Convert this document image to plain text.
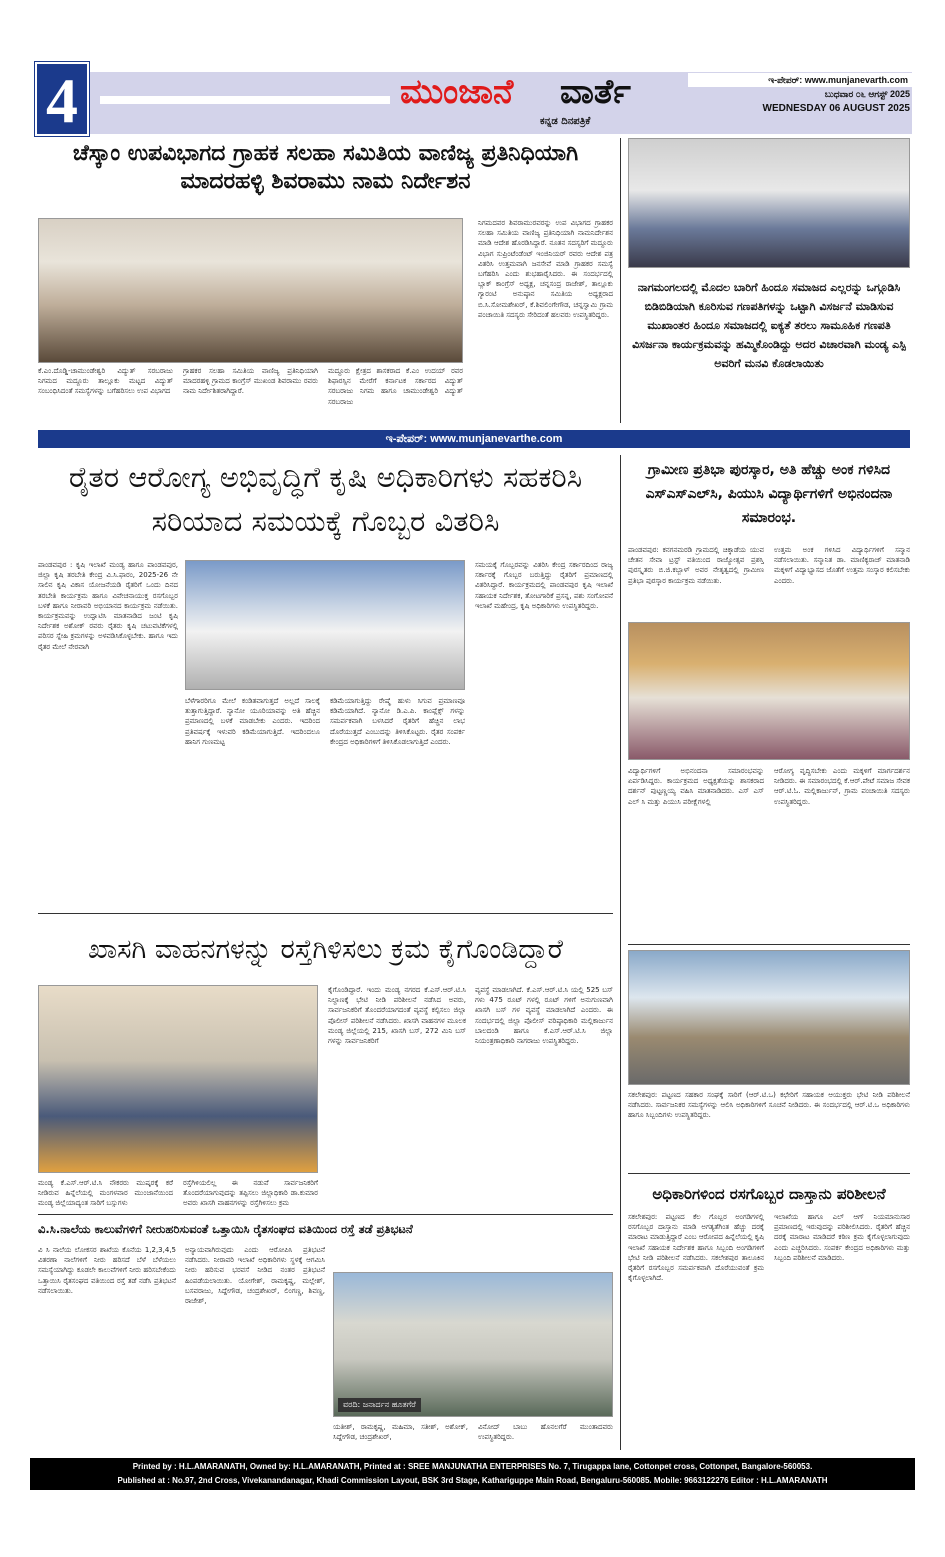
4	ಮುಂಜಾನೆ ವಾರ್ತೆ
ಕನ್ನಡ ದಿನಪತ್ರಿಕೆ
ಇ-ಪೇಪರ್: www.munjanevarth.com
ಬುಧವಾರ ೦೬ ಆಗಸ್ಟ್ 2025
WEDNESDAY 06 AUGUST 2025
ಚೆಸ್ಕಾಂ ಉಪವಿಭಾಗದ ಗ್ರಾಹಕ ಸಲಹಾ ಸಮಿತಿಯ ವಾಣಿಜ್ಯ ಪ್ರತಿನಿಧಿಯಾಗಿ ಮಾದರಹಳ್ಳಿ ಶಿವರಾಮು ನಾಮ ನಿರ್ದೇಶನ
ಕೆ.ಎಂ.ದೊಡ್ಡಿ-ಚಾಮುಂಡೇಶ್ವರಿ ವಿದ್ಯುತ್ ಸರಬರಾಜು ನಿಗಮದ ಮದ್ದೂರು ತಾಲ್ಲೂಕು ಮಟ್ಟದ ವಿದ್ಯುತ್ ಸಂಬಂಧಿಸಿದಂತೆ ಸಮಸ್ಯೆಗಳನ್ನು ಬಗೆಹರಿಸಲು ಉಪ ವಿಭಾಗದ
ಗ್ರಾಹಕರ ಸಲಹಾ ಸಮಿತಿಯ ವಾಣಿಜ್ಯ ಪ್ರತಿನಿಧಿಯಾಗಿ ಮಾದರಹಳ್ಳಿ ಗ್ರಾಮದ ಕಾಂಗ್ರೆಸ್ ಮುಖಂಡ ಶಿವರಾಮು ರವರು ನಾಮ ನಿರ್ದೇಶಿತರಾಗಿದ್ದಾರೆ.
ಮದ್ದೂರು ಕ್ಷೇತ್ರದ ಶಾಸಕರಾದ ಕೆ.ಎಂ ಉದಯ್ ರವರ ಶಿಫಾರಸ್ಸಿನ ಮೇರೆಗೆ ಕರ್ನಾಟಕ ಸರ್ಕಾರದ ವಿದ್ಯುತ್ ಸರಬರಾಜು ನಿಗಮ ಹಾಗೂ ಚಾಮುಂಡೇಶ್ವರಿ ವಿದ್ಯುತ್ ಸರಬರಾಜು
ನಿಗಮದವರ ಶಿವರಾಮುರವರನ್ನು ಉಪ ವಿಭಾಗದ ಗ್ರಾಹಕರ ಸಲಹಾ ಸಮಿತಿಯ ವಾಣಿಜ್ಯ ಪ್ರತಿನಿಧಿಯಾಗಿ ನಾಮನಿರ್ದೇಶನ ಮಾಡಿ ಆದೇಶ ಹೊರಡಿಸಿದ್ದಾರೆ. ನೂತನ ಸದಸ್ಯರಿಗೆ ಮದ್ದೂರು ವಿಭಾಗ ಸುಪ್ರಿಂಟೆಂಡೆಂಟ್ ಇಂಜಿನಿಯರ್ ರವರು ಆದೇಶ ಪತ್ರ ವಿತರಿಸಿ ಉತ್ತಮವಾಗಿ ಜನಸೇವೆ ಮಾಡಿ ಗ್ರಾಹಕರ ಸಮಸ್ಯೆ ಬಗೆಹರಿಸಿ ಎಂದು ಶುಭಹಾರೈಸಿದರು. ಈ ಸಂದರ್ಭದಲ್ಲಿ ಬ್ಲಾಕ್ ಕಾಂಗ್ರೆಸ್ ಅಧ್ಯಕ್ಷ, ಚನ್ನಸಂದ್ರ ರಾಜೇಶ್, ತಾಲ್ಲೂಕು ಗ್ಯಾರಂಟಿ ಅನುಷ್ಠಾನ ಸಮಿತಿಯ ಅಧ್ಯಕ್ಷರಾದ ಬಿ.ಸಿ.ಸೋಮಶೇಖರ್, ಕೆ.ಶಿವಲಿಂಗೇಗೌಡ, ಚನ್ನಸ್ವಾಮಿ ಗ್ರಾಮ ಪಂಚಾಯಿತಿ ಸದಸ್ಯರು ಸೇರಿದಂತೆ ಹಲವರು ಉಪಸ್ಥಿತರಿದ್ದರು.
ನಾಗಮಂಗಲದಲ್ಲಿ ಮೊದಲ ಬಾರಿಗೆ ಹಿಂದೂ ಸಮಾಜದ ಎಲ್ಲರನ್ನು ಒಗ್ಗೂಡಿಸಿ ಬಿಡಿಬಿಡಿಯಾಗಿ ಕೂರಿಸುವ ಗಣಪತಿಗಳನ್ನು ಒಟ್ಟಾಗಿ ವಿಸರ್ಜನೆ ಮಾಡಿಸುವ ಮುಖಾಂತರ ಹಿಂದೂ ಸಮಾಜದಲ್ಲಿ ಐಕ್ಯತೆ ತರಲು ಸಾಮೂಹಿಕ ಗಣಪತಿ ವಿಸರ್ಜನಾ ಕಾರ್ಯಕ್ರಮವನ್ನು ಹಮ್ಮಿಕೊಂಡಿದ್ದು ಅದರ ವಿಚಾರವಾಗಿ ಮಂಡ್ಯ ಎಸ್ಪಿ ಅವರಿಗೆ ಮನವಿ ಕೊಡಲಾಯಿತು
ಇ-ಪೇಪರ್: www.munjanevarthe.com
ರೈತರ ಆರೋಗ್ಯ ಅಭಿವೃದ್ಧಿಗೆ ಕೃಷಿ ಅಧಿಕಾರಿಗಳು ಸಹಕರಿಸಿ ಸರಿಯಾದ ಸಮಯಕ್ಕೆ ಗೊಬ್ಬರ ವಿತರಿಸಿ
ಪಾಂಡವಪುರ : ಕೃಷಿ ಇಲಾಖೆ ಮಂಡ್ಯ ಹಾಗೂ ಪಾಂಡವಪುರ, ಜಿಲ್ಲಾ ಕೃಷಿ ತರಬೇತಿ ಕೇಂದ್ರ ವಿ.ಸಿ.ಫಾರಂ, 2025-26 ನೇ ಸಾಲಿನ ಕೃಷಿ ವಿಕಾಸ ಯೋಜನೆಯಡಿ ರೈತರಿಗೆ ಒಂದು ದಿನದ ತರಬೇತಿ ಕಾರ್ಯಕ್ರಮ ಹಾಗೂ ವಿವೇಚನಾಯುಕ್ತ ರಸಗೊಬ್ಬರ ಬಳಕೆ ಹಾಗೂ ನೀರಾವರಿ ಅಭಿಯಾನದ ಕಾರ್ಯಕ್ರಮ ನಡೆಯಿತು. ಕಾರ್ಯಕ್ರಮವನ್ನು ಉದ್ಘಾಟಿಸಿ ಮಾತನಾಡಿದ ಜಂಟಿ ಕೃಷಿ ನಿರ್ದೇಶಕ ಅಶೋಕ್ ರವರು ರೈತರು ಕೃಷಿ ಚಟುವಟಿಕೆಗಳಲ್ಲಿ ಪರಿಸರ ಸ್ನೇಹಿ ಕ್ರಮಗಳನ್ನು ಅಳವಡಿಸಿಕೊಳ್ಳಬೇಕು. ಹಾಗೂ ಇದು ರೈತರ ಮೇಲೆ ನೇರವಾಗಿ
ಬೆಳೆಗಾರರಿಗೂ ಮೇಲೆ ಕಂಡಿತವಾಗುತ್ತದೆ ಅಲ್ಲದೆ ಸಾಲಕ್ಕೆ ತುತ್ತಾಗುತ್ತಿದ್ದಾರೆ. ನ್ಯಾನೋ ಯೂರಿಯಾವನ್ನು ಅತಿ ಹೆಚ್ಚಿನ ಪ್ರಮಾಣದಲ್ಲಿ ಬಳಕೆ ಮಾಡಬೇಕು ಎಂದರು. ಇದರಿಂದ ಪ್ರತಿವರ್ಷಕ್ಕೆ ಇಳುವರಿ ಕಡಿಮೆಯಾಗುತ್ತಿದೆ. ಇದರಿಂದಲೂ ಹಾನಿಗ ಗುಣಮಟ್ಟ
ಕಡಿಮೆಯಾಗುತ್ತಿದ್ದು ರೇಷ್ಮೆ ಹುಳು ಸಿಗುವ ಪ್ರಮಾಣವೂ ಕಡಿಮೆಯಾಗಿದೆ. ನ್ಯಾನೋ ಡಿ.ಎ.ಪಿ. ಕಾಂಪ್ಲೆಕ್ಸ್ ಗಳನ್ನು ಸಮರ್ಪಕವಾಗಿ ಬಳಸಿದರೆ ರೈತರಿಗೆ ಹೆಚ್ಚಿನ ಲಾಭ ದೊರೆಯುತ್ತದೆ ಎಂಬುದನ್ನು ತಿಳಿಸಿಕೊಟ್ಟರು. ರೈತರ ಸಂಪರ್ಕ ಕೇಂದ್ರದ ಅಧಿಕಾರಿಗಳಿಗೆ ತಿಳಿಸಿಕೊಡಲಾಗುತ್ತಿದೆ ಎಂದರು.
ಸಮಯಕ್ಕೆ ಗೊಬ್ಬರವನ್ನು ವಿತರಿಸಿ ಕೇಂದ್ರ ಸರ್ಕಾರದಿಂದ ರಾಜ್ಯ ಸರ್ಕಾರಕ್ಕೆ ಗೊಬ್ಬರ ಬರುತ್ತಿದ್ದು ರೈತರಿಗೆ ಪ್ರಮಾಣದಲ್ಲಿ ವಿತರಿಸಿದ್ದಾರೆ. ಕಾರ್ಯಕ್ರಮದಲ್ಲಿ ಪಾಂಡವಪುರ ಕೃಷಿ ಇಲಾಖೆ ಸಹಾಯಕ ನಿರ್ದೇಶಕ, ತೋಟಗಾರಿಕೆ ಪ್ರಸನ್ನ, ಪಶು ಸಂಗೋಪನೆ ಇಲಾಖೆ ಮಹೇಂದ್ರ, ಕೃಷಿ ಅಧಿಕಾರಿಗಳು ಉಪಸ್ಥಿತರಿದ್ದರು.
ಗ್ರಾಮೀಣ ಪ್ರತಿಭಾ ಪುರಸ್ಕಾರ, ಅತಿ ಹೆಚ್ಚು ಅಂಕ ಗಳಿಸಿದ ಎಸ್‌ಎಸ್‌ಎಲ್‌ಸಿ, ಪಿಯುಸಿ ವಿದ್ಯಾರ್ಥಿಗಳಿಗೆ ಅಭಿನಂದನಾ ಸಮಾರಂಭ.
ಪಾಂಡವಪುರ: ಕನಗನಮರಡಿ ಗ್ರಾಮದಲ್ಲಿ ಚಿಕ್ಕಾಡೆಯ ಯುವ ಚೇತನ ಸೇವಾ ಟ್ರಸ್ಟ್ ವತಿಯಿಂದ ರಾಜ್ಯೋತ್ಸವ ಪ್ರಶಸ್ತಿ ಪುರಸ್ಕೃತರು ಬಿ.ಜಿ.ಕಬ್ಬಾಳ್ ಅವರ ನೇತೃತ್ವದಲ್ಲಿ ಗ್ರಾಮೀಣ ಪ್ರತಿಭಾ ಪುರಸ್ಕಾರ ಕಾರ್ಯಕ್ರಮ ನಡೆಯಿತು.
ಉತ್ತಮ ಅಂಕ ಗಳಿಸಿದ ವಿದ್ಯಾರ್ಥಿಗಳಿಗೆ ಸನ್ಮಾನ ನಡೆಸಲಾಯಿತು. ಸನ್ಮಾನಿತ ಡಾ. ಮಾಣಿಕ್ಯರಾಜ್ ಮಾತನಾಡಿ ಮಕ್ಕಳಿಗೆ ವಿದ್ಯಾಭ್ಯಾಸದ ಜೊತೆಗೆ ಉತ್ತಮ ಸಂಸ್ಕಾರ ಕಲಿಸಬೇಕು ಎಂದರು.
ವಿದ್ಯಾರ್ಥಿಗಳಿಗೆ ಅಭಿನಂದನಾ ಸಮಾರಂಭವನ್ನು ಏರ್ಪಡಿಸಿದ್ದರು. ಕಾರ್ಯಕ್ರಮದ ಅಧ್ಯಕ್ಷತೆಯನ್ನು ಶಾಸಕರಾದ ದರ್ಶನ್ ಪುಟ್ಟಣ್ಣಯ್ಯ ವಹಿಸಿ ಮಾತನಾಡಿದರು. ಎಸ್ ಎಸ್ ಎಲ್ ಸಿ ಮತ್ತು ಪಿಯುಸಿ ಪರೀಕ್ಷೆಗಳಲ್ಲಿ
ಆರೋಗ್ಯ ವೃದ್ಧಿಸಬೇಕು ಎಂದು ಮಕ್ಕಳಿಗೆ ಮಾರ್ಗದರ್ಶನ ನೀಡಿದರು. ಈ ಸಮಾರಂಭದಲ್ಲಿ ಕೆ.ಆರ್.ಪೇಟೆ ಸಮಾಜ ಸೇವಕ ಆರ್.ಟಿ.ಓ. ಮಲ್ಲಿಕಾರ್ಜುನ್, ಗ್ರಾಮ ಪಂಚಾಯಿತಿ ಸದಸ್ಯರು ಉಪಸ್ಥಿತರಿದ್ದರು.
ಸಕಲೇಶಪುರ: ಪಟ್ಟಣದ ಸಹಕಾರ ಸಂಘಕ್ಕೆ ಸಾರಿಗೆ (ಆರ್.ಟಿ.ಒ) ಕಛೇರಿಗೆ ಸಹಾಯಕ ಆಯುಕ್ತರು ಭೇಟಿ ನೀಡಿ ಪರಿಶೀಲನೆ ನಡೆಸಿದರು. ಸಾರ್ವಜನಿಕರ ಸಮಸ್ಯೆಗಳನ್ನು ಆಲಿಸಿ ಅಧಿಕಾರಿಗಳಿಗೆ ಸೂಚನೆ ನೀಡಿದರು. ಈ ಸಂದರ್ಭದಲ್ಲಿ ಆರ್.ಟಿ.ಒ ಅಧಿಕಾರಿಗಳು ಹಾಗೂ ಸಿಬ್ಬಂದಿಗಳು ಉಪಸ್ಥಿತರಿದ್ದರು.
ಅಧಿಕಾರಿಗಳಿಂದ ರಸಗೊಬ್ಬರ ದಾಸ್ತಾನು ಪರಿಶೀಲನೆ
ಸಕಲೇಶಪುರ: ಪಟ್ಟಣದ ಕೆಲ ಗೊಬ್ಬರ ಅಂಗಡಿಗಳಲ್ಲಿ ರಸಗೊಬ್ಬರ ದಾಸ್ತಾನು ಮಾಡಿ ಅಗತ್ಯತೆಗಿಂತ ಹೆಚ್ಚು ದರಕ್ಕೆ ಮಾರಾಟ ಮಾಡುತ್ತಿದ್ದಾರೆ ಎಂಬ ಆರೋಪದ ಹಿನ್ನೆಲೆಯಲ್ಲಿ ಕೃಷಿ ಇಲಾಖೆ ಸಹಾಯಕ ನಿರ್ದೇಶಕ ಹಾಗೂ ಸಿಬ್ಬಂದಿ ಅಂಗಡಿಗಳಿಗೆ ಭೇಟಿ ನೀಡಿ ಪರಿಶೀಲನೆ ನಡೆಸಿದರು. ಸಕಲೇಶಪುರ ತಾಲೂಕಿನ ರೈತರಿಗೆ ರಸಗೊಬ್ಬರ ಸಮರ್ಪಕವಾಗಿ ದೊರೆಯುವಂತೆ ಕ್ರಮ ಕೈಗೊಳ್ಳಲಾಗಿದೆ.
ಇಲಾಖೆಯ ಹಾಗೂ ಎಲ್ ಆಗ್ ನಿಯಮಾನುಸಾರ ಪ್ರಮಾಣದಲ್ಲಿ ಇರುವುದನ್ನು ಪರಿಶೀಲಿಸಿದರು. ರೈತರಿಗೆ ಹೆಚ್ಚಿನ ದರಕ್ಕೆ ಮಾರಾಟ ಮಾಡಿದರೆ ಕಠಿಣ ಕ್ರಮ ಕೈಗೊಳ್ಳಲಾಗುವುದು ಎಂದು ಎಚ್ಚರಿಸಿದರು. ಸಂಪರ್ಕ ಕೇಂದ್ರದ ಅಧಿಕಾರಿಗಳು ಮತ್ತು ಸಿಬ್ಬಂದಿ ಪರಿಶೀಲನೆ ಮಾಡಿದರು.
ಖಾಸಗಿ ವಾಹನಗಳನ್ನು ರಸ್ತೆಗಿಳಿಸಲು ಕ್ರಮ ಕೈಗೊಂಡಿದ್ದಾರೆ
ಮಂಡ್ಯ ಕೆ.ಎಸ್.ಆರ್.ಟಿ.ಸಿ ನೌಕರರು ಮುಷ್ಕರಕ್ಕೆ ಕರೆ ನೀಡಿರುವ ಹಿನ್ನೆಲೆಯಲ್ಲಿ ಮಂಗಳವಾರ ಮುಂಜಾನೆಯಿಂದ ಮಂಡ್ಯ ಜಿಲ್ಲೆಯಾದ್ಯಂತ ಸಾರಿಗೆ ಬಸ್ಸುಗಳು
ರಸ್ತೆಗಿಳಿಯಲಿಲ್ಲ ಈ ನಡುವೆ ಸಾರ್ವಜನಿಕರಿಗೆ ತೊಂದರೆಯಾಗುವುದನ್ನು ತಪ್ಪಿಸಲು ಜಿಲ್ಲಾಧಿಕಾರಿ ಡಾ.ಕುಮಾರ ಅವರು ಖಾಸಗಿ ವಾಹನಗಳನ್ನು ರಸ್ತೆಗಿಳಿಸಲು ಕ್ರಮ
ಕೈಗೊಂಡಿದ್ದಾರೆ. ಇಂದು ಮಂಡ್ಯ ನಗರದ ಕೆ.ಎಸ್.ಆರ್.ಟಿ.ಸಿ ನಿಲ್ದಾಣಕ್ಕೆ ಭೇಟಿ ನೀಡಿ ಪರಿಶೀಲನೆ ನಡೆಸಿದ ಅವರು, ಸಾರ್ವಜನಿಕರಿಗೆ ತೊಂದರೆಯಾಗದಂತೆ ವ್ಯವಸ್ಥೆ ಕಲ್ಪಿಸಲು ಜಿಲ್ಲಾ ಪೊಲೀಸ್ ಪರಿಶೀಲನೆ ನಡೆಸಿದರು. ಖಾಸಗಿ ವಾಹನಗಳ ಮೂಲಕ ಮಂಡ್ಯ ಜಿಲ್ಲೆಯಲ್ಲಿ 215, ಖಾಸಗಿ ಬಸ್, 272 ಮಿನಿ ಬಸ್ ಗಳನ್ನು ಸಾರ್ವಜನಿಕರಿಗೆ
ವ್ಯವಸ್ಥೆ ಮಾಡಲಾಗಿದೆ. ಕೆ.ಎಸ್.ಆರ್.ಟಿ.ಸಿ ಯಲ್ಲಿ 525 ಬಸ್ ಗಳು 475 ರೂಟ್ ಗಳಲ್ಲಿ ರೂಟ್ ಗಳಿಗೆ ಅನುಗುಣವಾಗಿ ಖಾಸಗಿ ಬಸ್ ಗಳ ವ್ಯವಸ್ಥೆ ಮಾಡಲಾಗಿದೆ ಎಂದರು. ಈ ಸಂದರ್ಭದಲ್ಲಿ ಜಿಲ್ಲಾ ಪೊಲೀಸ್ ವರಿಷ್ಠಾಧಿಕಾರಿ ಮಲ್ಲಿಕಾರ್ಜುನ ಬಾಲದಂಡಿ ಹಾಗೂ ಕೆ.ಎಸ್.ಆರ್.ಟಿ.ಸಿ ಜಿಲ್ಲಾ ನಿಯಂತ್ರಣಾಧಿಕಾರಿ ನಾಗರಾಜು ಉಪಸ್ಥಿತರಿದ್ದರು.
ವಿ.ಸಿ.ನಾಲೆಯ ಕಾಲುವೆಗಳಿಗೆ ನೀರುಹರಿಸುವಂತೆ ಒತ್ತಾಯಿಸಿ ರೈತಸಂಘದ ವತಿಯಿಂದ ರಸ್ತೆ ತಡೆ ಪ್ರತಿಭಟನೆ
ವಿ ಸಿ ನಾಲೆಯ ಲೋಕಸರ ಶಾಖೆಯ ಕೊನೆಯ 1,2,3,4,5 ವಿತರಣಾ ನಾಲೆಗಳಿಗೆ ನೀರು ಹರಿಸದೆ ಬೆಳೆ ಬೆಳೆಯಲು ಸಮಸ್ಯೆಯಾಗಿದ್ದು ಕೂಡಲೇ ಕಾಲುವೆಗಳಿಗೆ ನೀರು ಹರಿಸಬೇಕೆಂದು ಒತ್ತಾಯಿಸಿ ರೈತಸಂಘದ ವತಿಯಿಂದ ರಸ್ತೆ ತಡೆ ನಡೆಸಿ ಪ್ರತಿಭಟನೆ ನಡೆಸಲಾಯಿತು.
ಅನ್ಯಾಯವಾಗಿರುವುದು ಎಂದು ಆರೋಪಿಸಿ ಪ್ರತಿಭಟನೆ ನಡೆಸಿದರು. ನೀರಾವರಿ ಇಲಾಖೆ ಅಧಿಕಾರಿಗಳು ಸ್ಥಳಕ್ಕೆ ಆಗಮಿಸಿ ನೀರು ಹರಿಸುವ ಭರವಸೆ ನೀಡಿದ ನಂತರ ಪ್ರತಿಭಟನೆ ಹಿಂಪಡೆಯಲಾಯಿತು. ಯೋಗೇಶ್, ರಾಮಕೃಷ್ಣ, ಮಲ್ಲೇಶ್, ಬಸವರಾಜು, ಸಿದ್ದೇಗೌಡ, ಚಂದ್ರಶೇಖರ್, ಲಿಂಗಣ್ಣ, ಶಿವಣ್ಣ, ರಾಜೇಶ್,
ವರದಿ: ಜನಾರ್ದನ ಹೂತಗೆರೆ
ಯತೀಶ್, ರಾಮಕೃಷ್ಣ, ಮಹಿಮಾ, ಸತೀಶ್, ಅಶೋಕ್, ಸಿದ್ದೇಗೌಡ, ಚಂದ್ರಶೇಖರ್,
ವಿನೋದ್ ಬಾಬು ಹೊನಲಗೆರೆ ಮುಂತಾದವರು ಉಪಸ್ಥಿತರಿದ್ದರು.
Printed by : H.L.AMARANATH, Owned by: H.L.AMARANATH, Printed at : SREE MANJUNATHA ENTERPRISES No. 7, Tirugappa lane, Cottonpet cross, Cottonpet, Bangalore-560053.
Published at : No.97, 2nd Cross, Vivekanandanagar, Khadi Commission Layout, BSK 3rd Stage, Kathariguppe Main Road, Bengaluru-560085. Mobile: 9663122276 Editor : H.L.AMARANATH
